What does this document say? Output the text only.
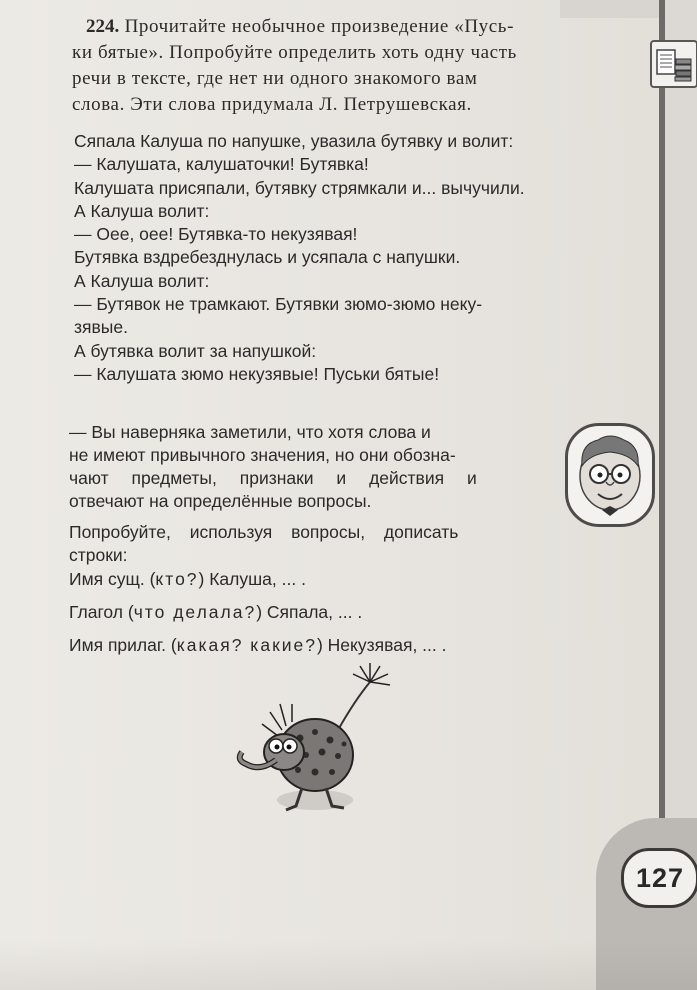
224. Прочитайте необычное произведение «Пусь-
ки бятые». Попробуйте определить хоть одну часть
речи в тексте, где нет ни одного знакомого вам
слова. Эти слова придумала Л. Петрушевская.
Сяпала Калуша по напушке, увазила бутявку и волит:
— Калушата, калушаточки! Бутявка!
Калушата присяпали, бутявку стрямкали и... вычучили.
А Калуша волит:
— Оее, оее! Бутявка-то некузявая!
Бутявка вздребезднулась и усяпала с напушки.
А Калуша волит:
— Бутявок не трамкают. Бутявки зюмо-зюмо неку-
зявые.
А бутявка волит за напушкой:
— Калушата зюмо некузявые! Пуськи бятые!
— Вы наверняка заметили, что хотя слова и
не имеют привычного значения, но они обозна-
чают предметы, признаки и действия и
отвечают на определённые вопросы.
Попробуйте, используя вопросы, дописать
строки:
Имя сущ. (кто?) Калуша, ... .
Глагол (что делала?) Сяпала, ... .
Имя прилаг. (какая? какие?) Некузявая, ... .
127
